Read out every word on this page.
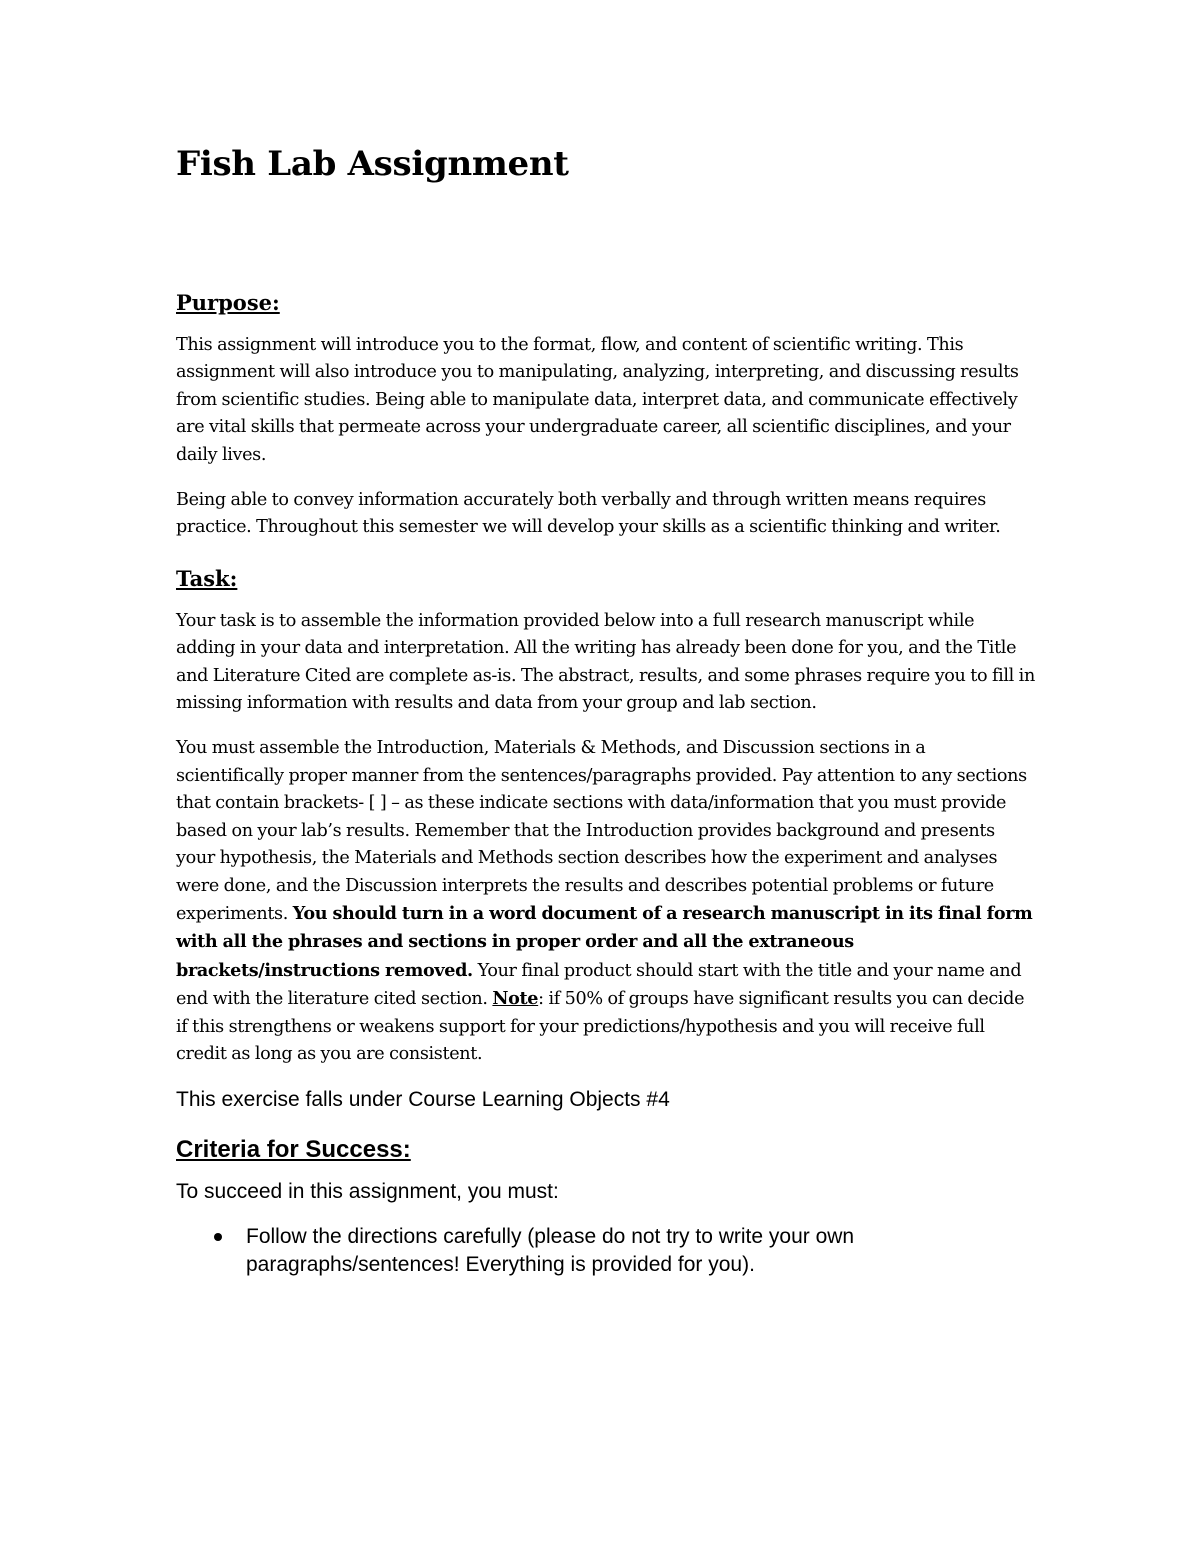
Fish Lab Assignment
Purpose:

This assignment will introduce you to the format, flow, and content of scientific writing. This assignment will also introduce you to manipulating, analyzing, interpreting, and discussing results from scientific studies. Being able to manipulate data, interpret data, and communicate effectively are vital skills that permeate across your undergraduate career, all scientific disciplines, and your daily lives.

Being able to convey information accurately both verbally and through written means requires practice. Throughout this semester we will develop your skills as a scientific thinking and writer.

Task:

Your task is to assemble the information provided below into a full research manuscript while adding in your data and interpretation. All the writing has already been done for you, and the Title and Literature Cited are complete as-is. The abstract, results, and some phrases require you to fill in missing information with results and data from your group and lab section.

You must assemble the Introduction, Materials & Methods, and Discussion sections in a scientifically proper manner from the sentences/paragraphs provided. Pay attention to any sections that contain brackets- [ ] – as these indicate sections with data/information that you must provide based on your lab’s results. Remember that the Introduction provides background and presents your hypothesis, the Materials and Methods section describes how the experiment and analyses were done, and the Discussion interprets the results and describes potential problems or future experiments. You should turn in a word document of a research manuscript in its final form with all the phrases and sections in proper order and all the extraneous brackets/instructions removed. Your final product should start with the title and your name and end with the literature cited section. Note: if 50% of groups have significant results you can decide if this strengthens or weakens support for your predictions/hypothesis and you will receive full credit as long as you are consistent.

This exercise falls under Course Learning Objects #4

Criteria for Success:

To succeed in this assignment, you must:

Follow the directions carefully (please do not try to write your own paragraphs/sentences! Everything is provided for you).
